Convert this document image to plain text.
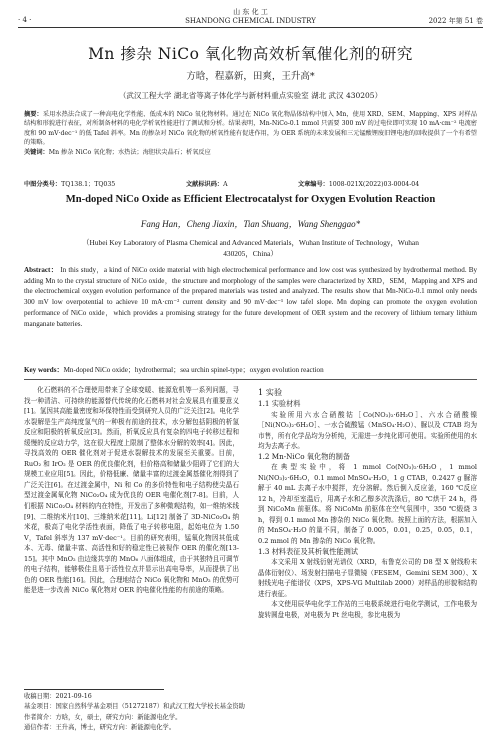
· 4 ·
山 东 化 工
SHANDONG CHEMICAL INDUSTRY	2022 年第 51 卷
Mn 掺杂 NiCo 氧化物高效析氧催化剂的研究
方晗，程嘉新，田爽，王升高*
（武汉工程大学 湖北省等离子体化学与新材料重点实验室 湖北 武汉 430205）
摘要：采用水热法合成了一种高电化学性能、低成本的 NiCo 氧化物材料。通过在 NiCo 氧化物晶体结构中加入 Mn，使用 XRD、SEM、Mapping、XPS 对样品结构和形貌进行表征，对所制备材料的电化学析氧性能进行了测试和分析。结果表明，Mn-NiCo-0.1 mmol 只需要 300 mV 的过电位即可实现 10 mA·cm⁻² 电流密度和 90 mV·dec⁻¹ 的低 Tafel 斜率。Mn 的掺杂对 NiCo 氧化物的析氧性能有促进作用，为 OER 系统的未来发展和三元锰酸锂废旧锂电池的回收提供了一个有希望的策略。
关键词：Mn 掺杂 NiCo 氧化物；水热法；海胆状尖晶石；析氧反应
中图分类号：TQ138.1；TQ035	文献标识码：A	文章编号：1008-021X(2022)03-0004-04
Mn-doped NiCo Oxide as Efficient Electrocatalyst for Oxygen Evolution Reaction
Fang Han，Cheng Jiaxin，Tian Shuang，Wang Shenggao*
（Hubei Key Laboratory of Plasma Chemical and Advanced Materials，Wuhan Institute of Technology，Wuhan 430205，China）
Abstract： In this study，a kind of NiCo oxide material with high electrochemical performance and low cost was synthesized by hydrothermal method. By adding Mn to the crystal structure of NiCo oxide，the structure and morphology of the samples were characterized by XRD，SEM，Mapping and XPS and the electrochemical oxygen evolution performance of the prepared materials was tested and analyzed. The results show that Mn-NiCo-0.1 mmol only needs 300 mV low overpotential to achieve 10 mA·cm⁻² current density and 90 mV·dec⁻¹ low tafel slope. Mn doping can promote the oxygen evolution performance of NiCo oxide，which provides a promising strategy for the future development of OER system and the recovery of lithium ternary lithium manganate batteries.
Key words：Mn-doped NiCo oxide；hydrothermal；sea urchin spinel-type；oxygen evolution reaction

化石燃料的不合理使用带来了全球变暖、能源危机等一系列问题，寻找一种清洁、可持续的能源替代传统的化石燃料对社会发展具有重要意义[1]。氢因其高能量密度和环保特性而受到研究人员的广泛关注[2]。电化学水裂解是生产高纯度氢气的一种极有前途的技术，水分解包括阴极的析氢反应和阳极的析氧反应[3]。然而，析氧反应具有复杂的四电子转移过程和缓慢的反应动力学，这在很大程度上限制了整体水分解的效率[4]。因此，寻找高效的 OER 催化剂对于促进水裂解技术的发展至关重要。目前，RuO₂ 和 IrO₂ 是 OER 的优良催化剂，但价格高和储量少阻碍了它们的大规模工业应用[5]。因此，价格低廉、储量丰富的过渡金属基催化剂得到了广泛关注[6]。在过渡金属中，Ni 和 Co 的多价特性和电子结构使尖晶石型过渡金属氧化物 NiCo₂O₄ 成为优良的 OER 电催化剂[7-8]。目前，人们根据 NiCo₂O₄ 材料的内在特性，开发出了多种微观结构，如一维纳米线[9]、二维纳米片[10]、三维纳米花[11]。Li[12] 制备了 3D-NiCo₂O₄ 纳米花，极高了电化学活性表面，降低了电子转移电阻，起始电位为 1.50 V，Tafel 斜率为 137 mV·dec⁻¹。目前的研究表明，锰氧化物因其低成本、无毒、储量丰富、高活性和好的稳定性已被视作 OER 的催化剂[13-15]。其中 MnO₂ 由边缘共享的 MnO₆ 八面体组成，由于其独特且可调节的电子结构，能够极佳且易于活性位点并显示出高电导率，从而提供了出色的 OER 性能[16]。因此，合理地结合 NiCo 氧化物和 MnO₂ 的优势可能是进一步改善 NiCo 氧化物对 OER 的电催化性能的有前途的策略。

1 实验
1.1 实验材料

实验所用六水合硝酸钴［Co(NO₃)₂·6H₂O］、六水合硝酸镍［Ni(NO₃)₂·6H₂O］、一水合硫酸锰（MnSO₄·H₂O）、脲以及 CTAB 均为市售，所有化学品均为分析纯，无需进一步纯化即可使用。实验所使用的水均为去离子水。

1.2 Mn-NiCo 氧化物的制备

在典型实验中，将 1 mmol Co(NO₃)₂·6H₂O，1 mmol Ni(NO₃)₂·6H₂O，0.1 mmol MnSO₄·H₂O，1 g CTAB，0.2427 g 脲溶解于 40 mL 去离子水中搅拌，充分溶解。然后倒入反应釜，160 ℃反应 12 h，冷却至室温后，用离子水和乙醇多次洗涤后，80 ℃烘干 24 h，得到 NiCoMn 前驱体。将 NiCoMn 前驱体在空气氛围中，350 ℃煅烧 3 h，得到 0.1 mmol Mn 掺杂的 NiCo 氧化物。按照上面的方法，根据加入的 MnSO₄·H₂O 的量不同，制备了 0.005，0.01，0.25，0.05，0.1，0.2 mmol 的 Mn 掺杂的 NiCo 氧化物。

1.3 材料表征及其析氧性能测试

本文采用 X 射线衍射光谱仪（XRD，布鲁克公司的 D8 型 X 射线粉末晶体衍射仪）、场发射扫描电子显微镜（FESEM，Gemini SEM 300）、X 射线光电子能谱仪（XPS，XPS-VG Multilab 2000）对样品的形貌和结构进行表征。

本文使用辰华电化学工作站的三电极系统进行电化学测试，工作电极为旋转圆盘电极，对电极为 Pt 丝电极，参比电极为

收稿日期：2021-09-16
基金项目：国家自然科学基金项目（51272187）和武汉工程大学校长基金资助
作者简介：方晗，女，硕士，研究方向：新能源电化学。
通信作者：王升高，博士，研究方向：新能源电化学。
